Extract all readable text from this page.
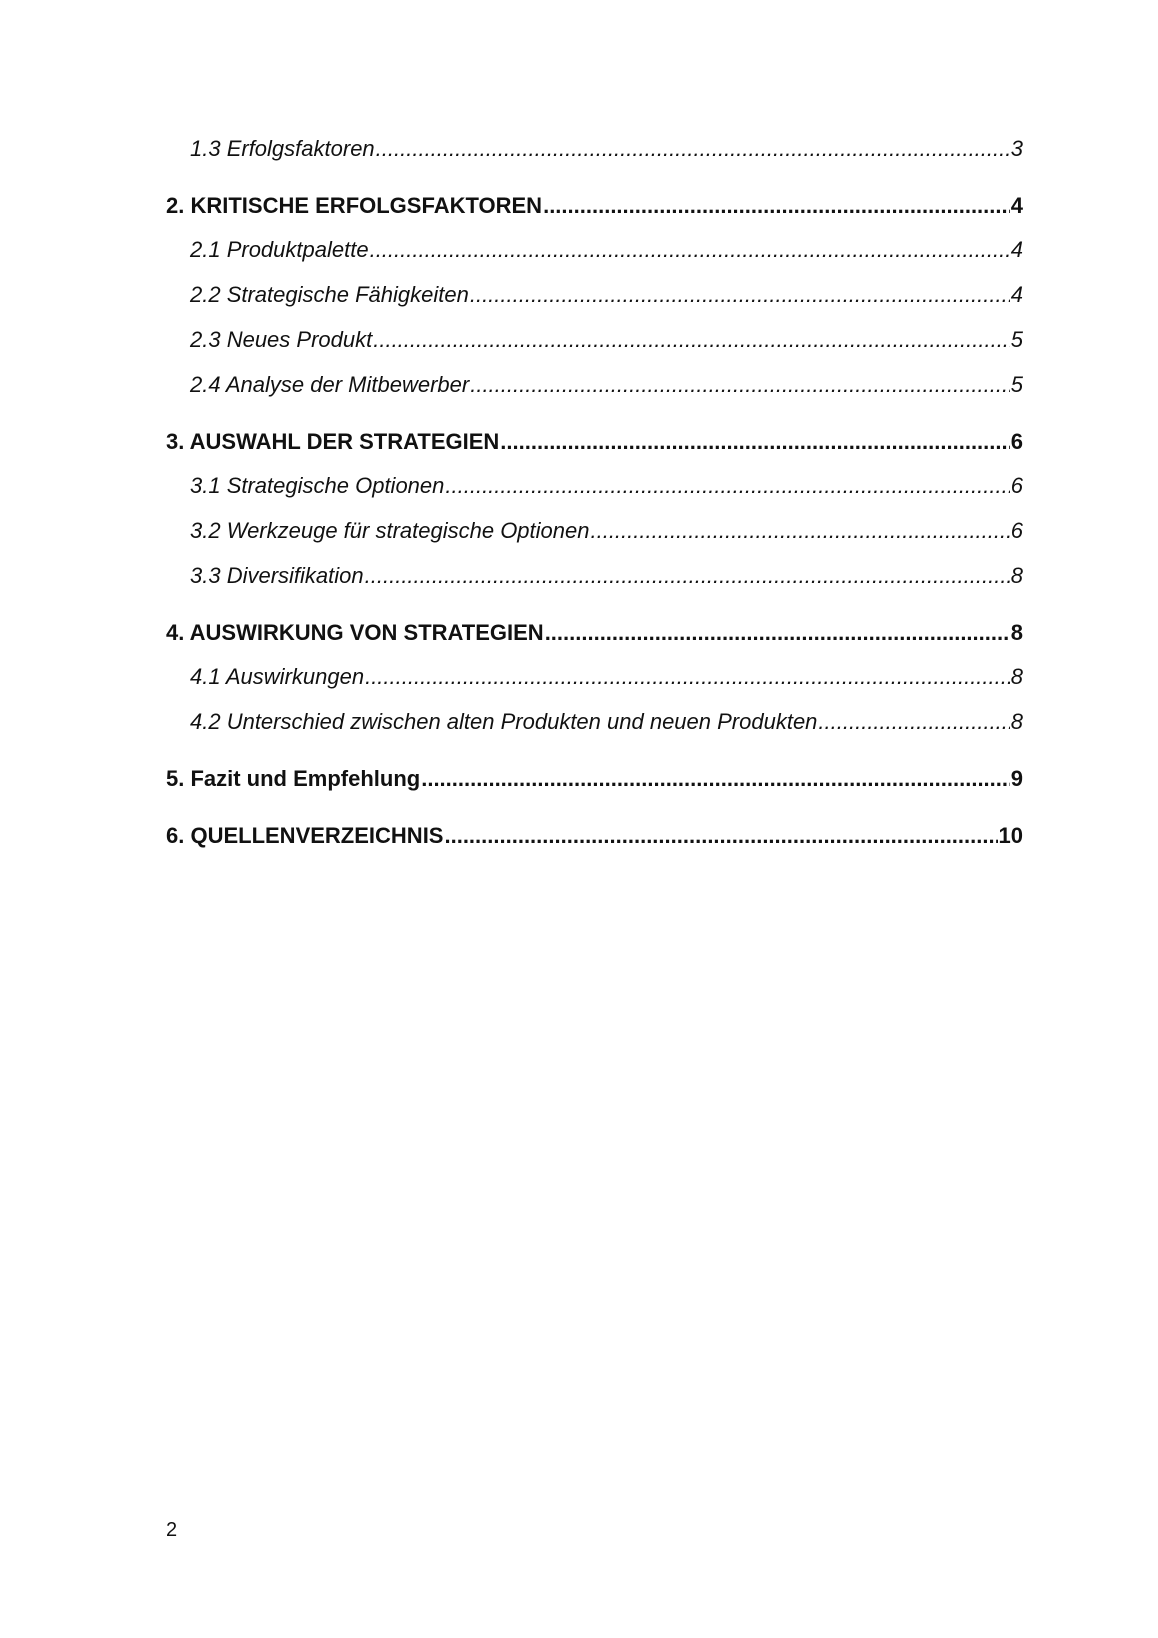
1.3 Erfolgsfaktoren .....	3
2. KRITISCHE ERFOLGSFAKTOREN .....	4
2.1 Produktpalette .....	4
2.2 Strategische Fähigkeiten .....	4
2.3 Neues Produkt .....	5
2.4 Analyse der Mitbewerber .....	5
3. AUSWAHL DER STRATEGIEN .....	6
3.1 Strategische Optionen .....	6
3.2 Werkzeuge für strategische Optionen .....	6
3.3 Diversifikation .....	8
4. AUSWIRKUNG VON STRATEGIEN .....	8
4.1 Auswirkungen .....	8
4.2 Unterschied zwischen alten Produkten und neuen Produkten .....	8
5. Fazit und Empfehlung .....	9
6. QUELLENVERZEICHNIS .....	10
2
